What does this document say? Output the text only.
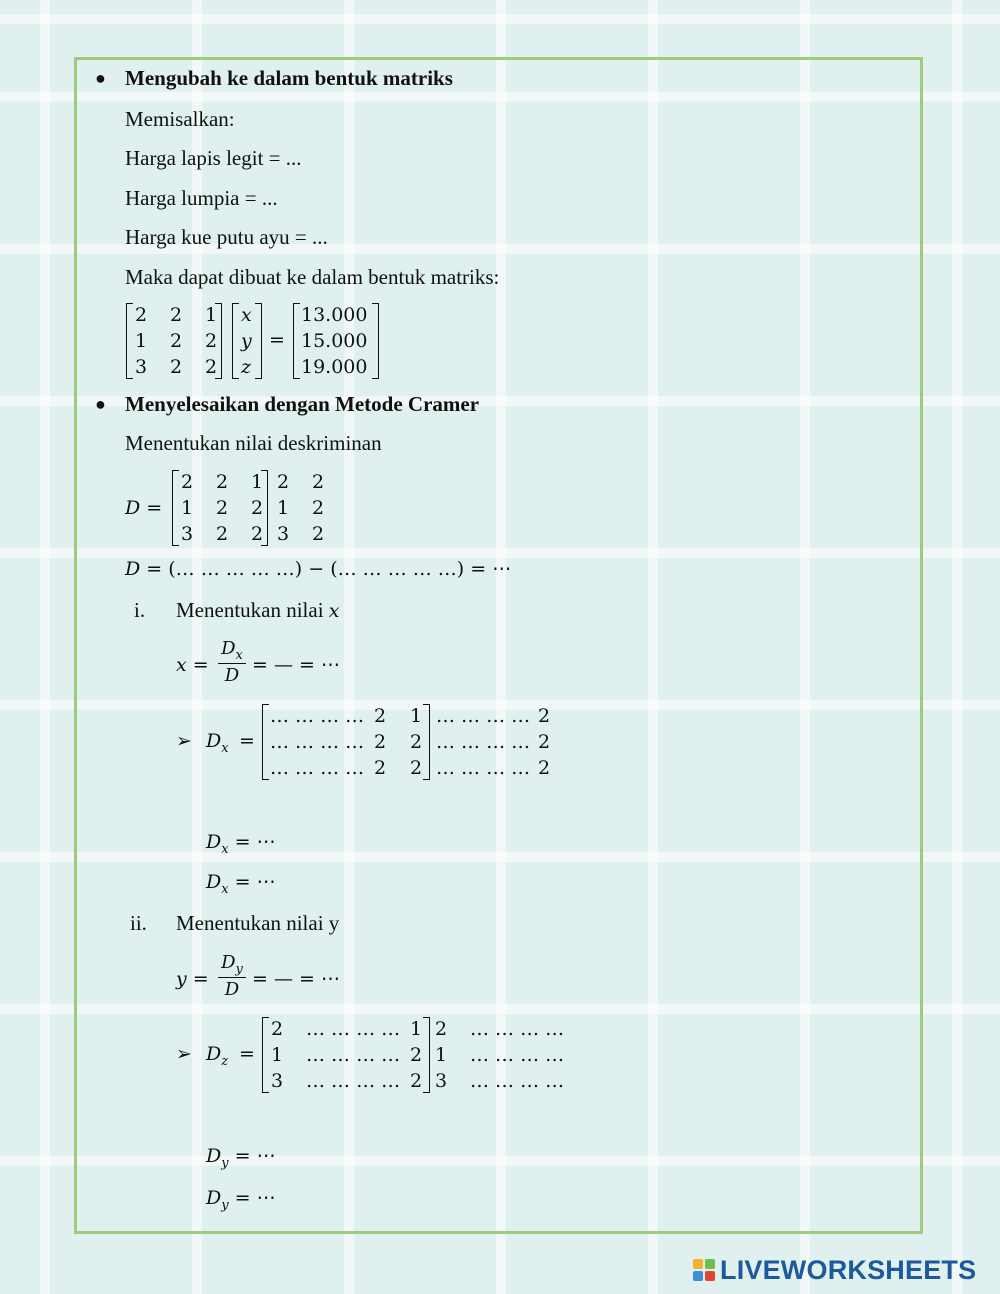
● Mengubah ke dalam bentuk matriks
Memisalkan:
Harga lapis legit = ...
Harga lumpia = ...
Harga kue putu ayu = ...
Maka dapat dibuat ke dalam bentuk matriks:
2 2 1
1 2 2
3 2 2
x
y
z
=
13.000
15.000
19.000
● Menyelesaikan dengan Metode Cramer
Menentukan nilai deskriminan
D =
2 2 1
1 2 2
3 2 2
2 2
1 2
3 2
D = (… … … … …) − (… … … … …) = ⋯
i. Menentukan nilai x
x =
$D_x$
D = — = ⋯
➢ $D_x$ =
… … … … 2 1
… … … … 2 2
… … … … 2 2
… … … … 2
… … … … 2
… … … … 2
$D_x$ = ⋯
$D_x$ = ⋯
ii. Menentukan nilai y
y =
$D_y$
D = — = ⋯
➢ $D_z$ =
2 … … … … 1
1 … … … … 2
3 … … … … 2
2 … … … …
1 … … … …
3 … … … …
$D_y$ = ⋯
$D_y$ = ⋯
LIVEWORKSHEETS
